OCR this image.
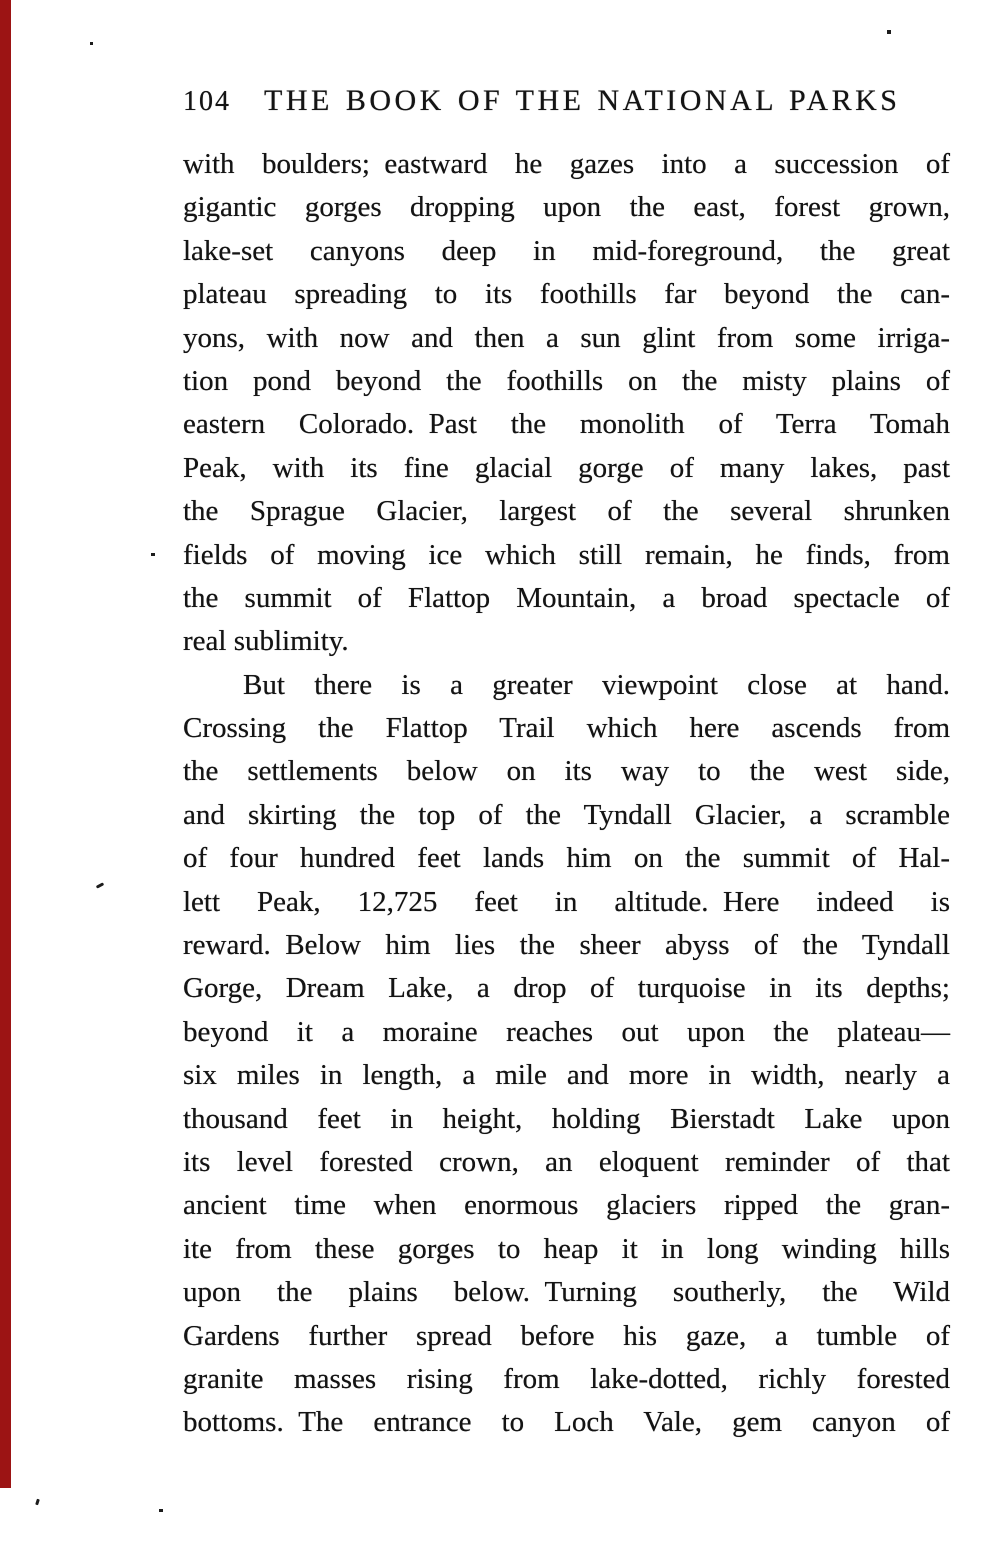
104 THE BOOK OF THE NATIONAL PARKS
with boulders; eastward he gazes into a succession of
gigantic gorges dropping upon the east, forest grown,
lake-set canyons deep in mid-foreground, the great
plateau spreading to its foothills far beyond the can-
yons, with now and then a sun glint from some irriga-
tion pond beyond the foothills on the misty plains of
eastern Colorado. Past the monolith of Terra Tomah
Peak, with its fine glacial gorge of many lakes, past
the Sprague Glacier, largest of the several shrunken
fields of moving ice which still remain, he finds, from
the summit of Flattop Mountain, a broad spectacle of
real sublimity.
But there is a greater viewpoint close at hand.
Crossing the Flattop Trail which here ascends from
the settlements below on its way to the west side,
and skirting the top of the Tyndall Glacier, a scramble
of four hundred feet lands him on the summit of Hal-
lett Peak, 12,725 feet in altitude. Here indeed is
reward. Below him lies the sheer abyss of the Tyndall
Gorge, Dream Lake, a drop of turquoise in its depths;
beyond it a moraine reaches out upon the plateau—
six miles in length, a mile and more in width, nearly a
thousand feet in height, holding Bierstadt Lake upon
its level forested crown, an eloquent reminder of that
ancient time when enormous glaciers ripped the gran-
ite from these gorges to heap it in long winding hills
upon the plains below. Turning southerly, the Wild
Gardens further spread before his gaze, a tumble of
granite masses rising from lake-dotted, richly forested
bottoms. The entrance to Loch Vale, gem canyon of
